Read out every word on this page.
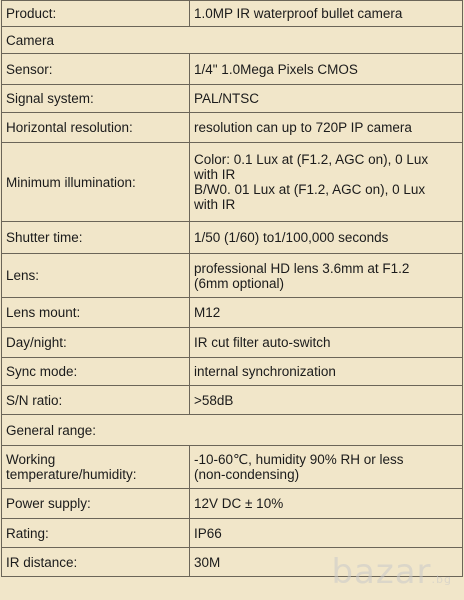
Product:	1.0MP IR waterproof bullet camera

Camera	
Sensor:	1/4" 1.0Mega Pixels CMOS

Signal system:	PAL/NTSC

Horizontal resolution:	resolution can up to 720P IP camera

Minimum illumination:	Color: 0.1 Lux at (F1.2, AGC on), 0 Lux
with IR
B/W0. 01 Lux at (F1.2, AGC on), 0 Lux
with IR

Shutter time:	1/50 (1/60) to1/100,000 seconds

Lens:	professional HD lens 3.6mm at F1.2
(6mm optional)

Lens mount:	M12

Day/night:	IR cut filter auto-switch

Sync mode:	internal synchronization

S/N ratio:	>58dB

General range:	

Working
temperature/humidity:	-10-60℃, humidity 90% RH or less
(non-condensing)

Power supply:	12V DC ± 10%

Rating:	IP66

IR distance:	30M	bazar.bg
